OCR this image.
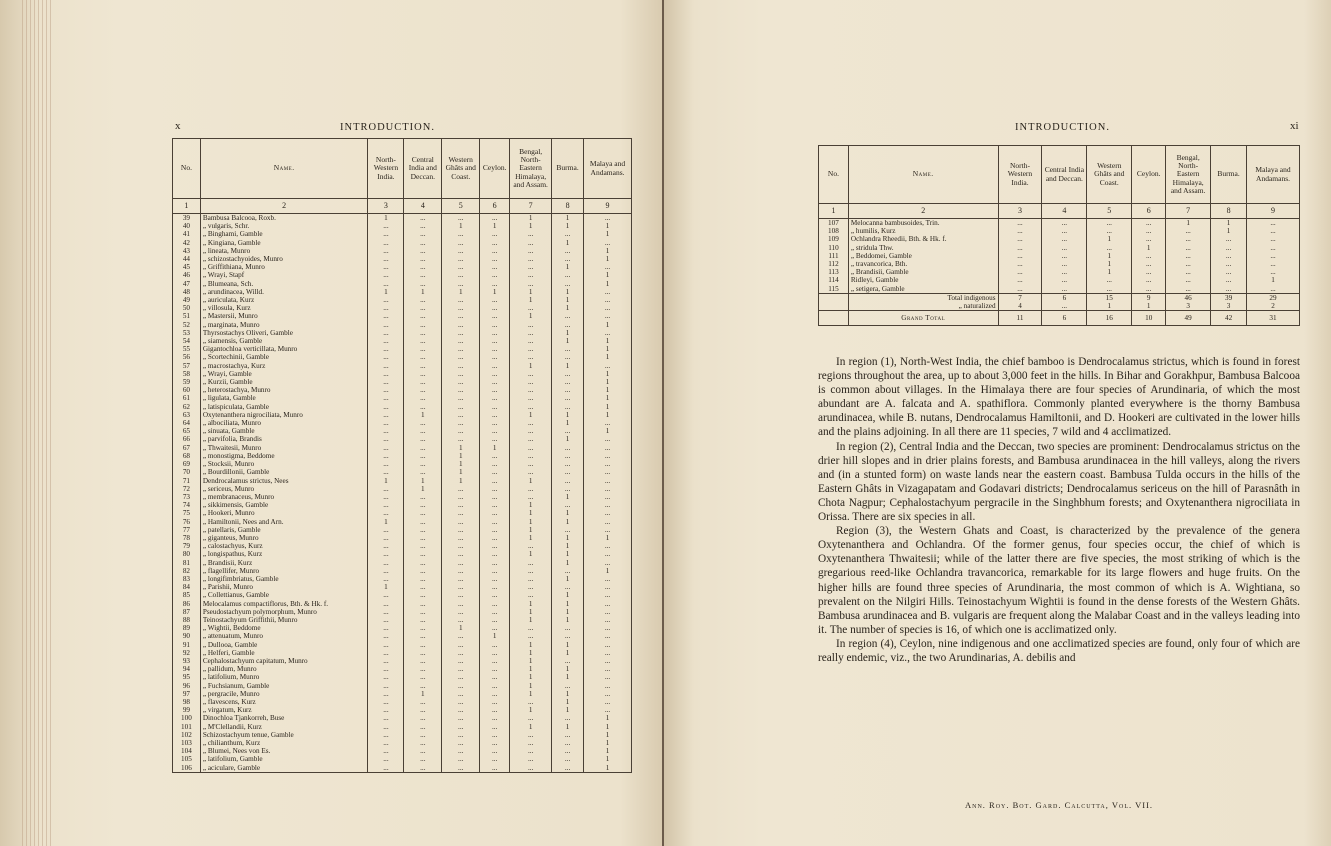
x	INTRODUCTION.	INTRODUCTION.	xi
No.	Name.	North-Western India.	Central India and Deccan.	Western Ghâts and Coast.	Ceylon.	Bengal, North-Eastern Himalaya, and Assam.	Burma.	Malaya and Andamans.
1	2	3	4	5	6	7	8	9
39	Bambusa Balcooa, Roxb.	1	...	...	...	1	1	...
40	„ vulgaris, Schr.	...	...	1	1	1	1	1
41	„ Binghami, Gamble	...	...	...	...	...	...	1
42	„ Kingiana, Gamble	...	...	...	...	...	1	...
43	„ lineata, Munro	...	...	...	...	...	...	1
44	„ schizostachyoides, Munro	...	...	...	...	...	...	1
45	„ Griffithiana, Munro	...	...	...	...	...	1	...
46	„ Wrayi, Stapf	...	...	...	...	...	...	1
47	„ Blumeana, Sch.	...	...	...	...	...	...	1
48	„ arundinacea, Willd.	1	1	1	1	1	1	...
49	„ auriculata, Kurz	...	...	...	...	1	1	...
50	„ villosula, Kurz	...	...	...	...	...	1	...
51	„ Mastersii, Munro	...	...	...	...	1	...	...
52	„ marginata, Munro	...	...	...	...	...	...	1
53	Thyrsostachys Oliveri, Gamble	...	...	...	...	...	1	...
54	„ siamensis, Gamble	...	...	...	...	...	1	1
55	Gigantochloa verticillata, Munro	...	...	...	...	...	...	1
56	„ Scortechinii, Gamble	...	...	...	...	...	...	1
57	„ macrostachya, Kurz	...	...	...	...	1	1	...
58	„ Wrayi, Gamble	...	...	...	...	...	...	1
59	„ Kurzii, Gamble	...	...	...	...	...	...	1
60	„ heterostachya, Munro	...	...	...	...	...	...	1
61	„ ligulata, Gamble	...	...	...	...	...	...	1
62	„ latispiculata, Gamble	...	...	...	...	...	...	1
63	Oxytenanthera nigrociliata, Munro	...	1	...	...	1	1	1
64	„ albociliata, Munro	...	...	...	...	...	1	...
65	„ sinuata, Gamble	...	...	...	...	...	...	1
66	„ parvifolia, Brandis	...	...	...	...	...	1	...
67	„ Thwaitesii, Munro	...	...	1	1	...	...	...
68	„ monostigma, Beddome	...	...	1	...	...	...	...
69	„ Stocksii, Munro	...	...	1	...	...	...	...
70	„ Bourdillonii, Gamble	...	...	1	...	...	...	...
71	Dendrocalamus strictus, Nees	1	1	1	...	1	...	...
72	„ sericeus, Munro	...	1	...	...	...	...	...
73	„ membranaceus, Munro	...	...	...	...	...	1	...
74	„ sikkimensis, Gamble	...	...	...	...	1	...	...
75	„ Hookeri, Munro	...	...	...	...	1	1	...
76	„ Hamiltonii, Nees and Arn.	1	...	...	...	1	1	...
77	„ patellaris, Gamble	...	...	...	...	1	...	...
78	„ giganteus, Munro	...	...	...	...	1	1	1
79	„ calostachyus, Kurz	...	...	...	...	...	1	...
80	„ longispathus, Kurz	...	...	...	...	1	1	...
81	„ Brandisii, Kurz	...	...	...	...	...	1	...
82	„ flagellifer, Munro	...	...	...	...	...	...	1
83	„ longifimbriatus, Gamble	...	...	...	...	...	1	...
84	„ Parishii, Munro	1	...	...	...	...	...	...
85	„ Collettianus, Gamble	...	...	...	...	...	1	...
86	Melocalamus compactiflorus, Bth. & Hk. f.	...	...	...	...	1	1	...
87	Pseudostachyum polymorphum, Munro	...	...	...	...	1	1	...
88	Teinostachyum Griffithii, Munro	...	...	...	...	1	1	...
89	„ Wightii, Beddome	...	...	1	...	...	...	...
90	„ attenuatum, Munro	...	...	...	1	...	...	...
91	„ Dullooa, Gamble	...	...	...	...	1	1	...
92	„ Helferi, Gamble	...	...	...	...	1	1	...
93	Cephalostachyum capitatum, Munro	...	...	...	...	1	...	...
94	„ pallidum, Munro	...	...	...	...	1	1	...
95	„ latifolium, Munro	...	...	...	...	1	1	...
96	„ Fuchsianum, Gamble	...	...	...	...	1	...	...
97	„ pergracile, Munro	...	1	...	...	1	1	...
98	„ flavescens, Kurz	...	...	...	...	...	1	...
99	„ virgatum, Kurz	...	...	...	...	1	1	...
100	Dinochloa Tjankorreh, Buse	...	...	...	...	...	...	1
101	„ M'Clellandii, Kurz	...	...	...	...	1	1	1
102	Schizostachyum tenue, Gamble	...	...	...	...	...	...	1
103	„ chilianthum, Kurz	...	...	...	...	...	...	1
104	„ Blumei, Nees von Es.	...	...	...	...	...	...	1
105	„ latifolium, Gamble	...	...	...	...	...	...	1
106	„ aciculare, Gamble	...	...	...	...	...	...	1
No.	Name.	North-Western India.	Central India and Deccan.	Western Ghâts and Coast.	Ceylon.	Bengal, North-Eastern Himalaya, and Assam.	Burma.	Malaya and Andamans.
1	2	3	4	5	6	7	8	9
107	Melocanna bambusoides, Trin.	...	...	...	...	1	1	...
108	„ humilis, Kurz	...	...	...	...	...	1	...
109	Ochlandra Rheedii, Bth. & Hk. f.	...	...	1	...	...	...	...
110	„ stridula Thw.	...	...	...	1	...	...	...
111	„ Beddomei, Gamble	...	...	1	...	...	...	...
112	„ travancorica, Bth.	...	...	1	...	...	...	...
113	„ Brandisii, Gamble	...	...	1	...	...	...	...
114	Ridleyi, Gamble	...	...	...	...	...	...	1
115	„ setigera, Gamble	...	...	...	...	...	...	...
	Total indigenous	7	6	15	9	46	39	29
	„ naturalized	4	...	1	1	3	3	2
	Grand Total	11	6	16	10	49	42	31

In region (1), North-West India, the chief bamboo is Dendrocalamus strictus, which is found in forest regions throughout the area, up to about 3,000 feet in the hills. In Bihar and Gorakhpur, Bambusa Balcooa is common about villages. In the Himalaya there are four species of Arundinaria, of which the most abundant are A. falcata and A. spathiflora. Commonly planted everywhere is the thorny Bambusa arundinacea, while B. nutans, Dendrocalamus Hamiltonii, and D. Hookeri are cultivated in the lower hills and the plains adjoining. In all there are 11 species, 7 wild and 4 acclimatized.

In region (2), Central India and the Deccan, two species are prominent: Dendrocalamus strictus on the drier hill slopes and in drier plains forests, and Bambusa arundinacea in the hill valleys, along the rivers and (in a stunted form) on waste lands near the eastern coast. Bambusa Tulda occurs in the hills of the Eastern Ghâts in Vizagapatam and Godavari districts; Dendrocalamus sericeus on the hill of Parasnâth in Chota Nagpur; Cephalostachyum pergracile in the Singhbhum forests; and Oxytenanthera nigrociliata in Orissa. There are six species in all.

Region (3), the Western Ghats and Coast, is characterized by the prevalence of the genera Oxytenanthera and Ochlandra. Of the former genus, four species occur, the chief of which is Oxytenanthera Thwaitesii; while of the latter there are five species, the most striking of which is the gregarious reed-like Ochlandra travancorica, remarkable for its large flowers and huge fruits. On the higher hills are found three species of Arundinaria, the most common of which is A. Wightiana, so prevalent on the Nilgiri Hills. Teinostachyum Wightii is found in the dense forests of the Western Ghâts. Bambusa arundinacea and B. vulgaris are frequent along the Malabar Coast and in the valleys leading into it. The number of species is 16, of which one is acclimatized only.

In region (4), Ceylon, nine indigenous and one acclimatized species are found, only four of which are really endemic, viz., the two Arundinarias, A. debilis and

Ann. Roy. Bot. Gard. Calcutta, Vol. VII.
